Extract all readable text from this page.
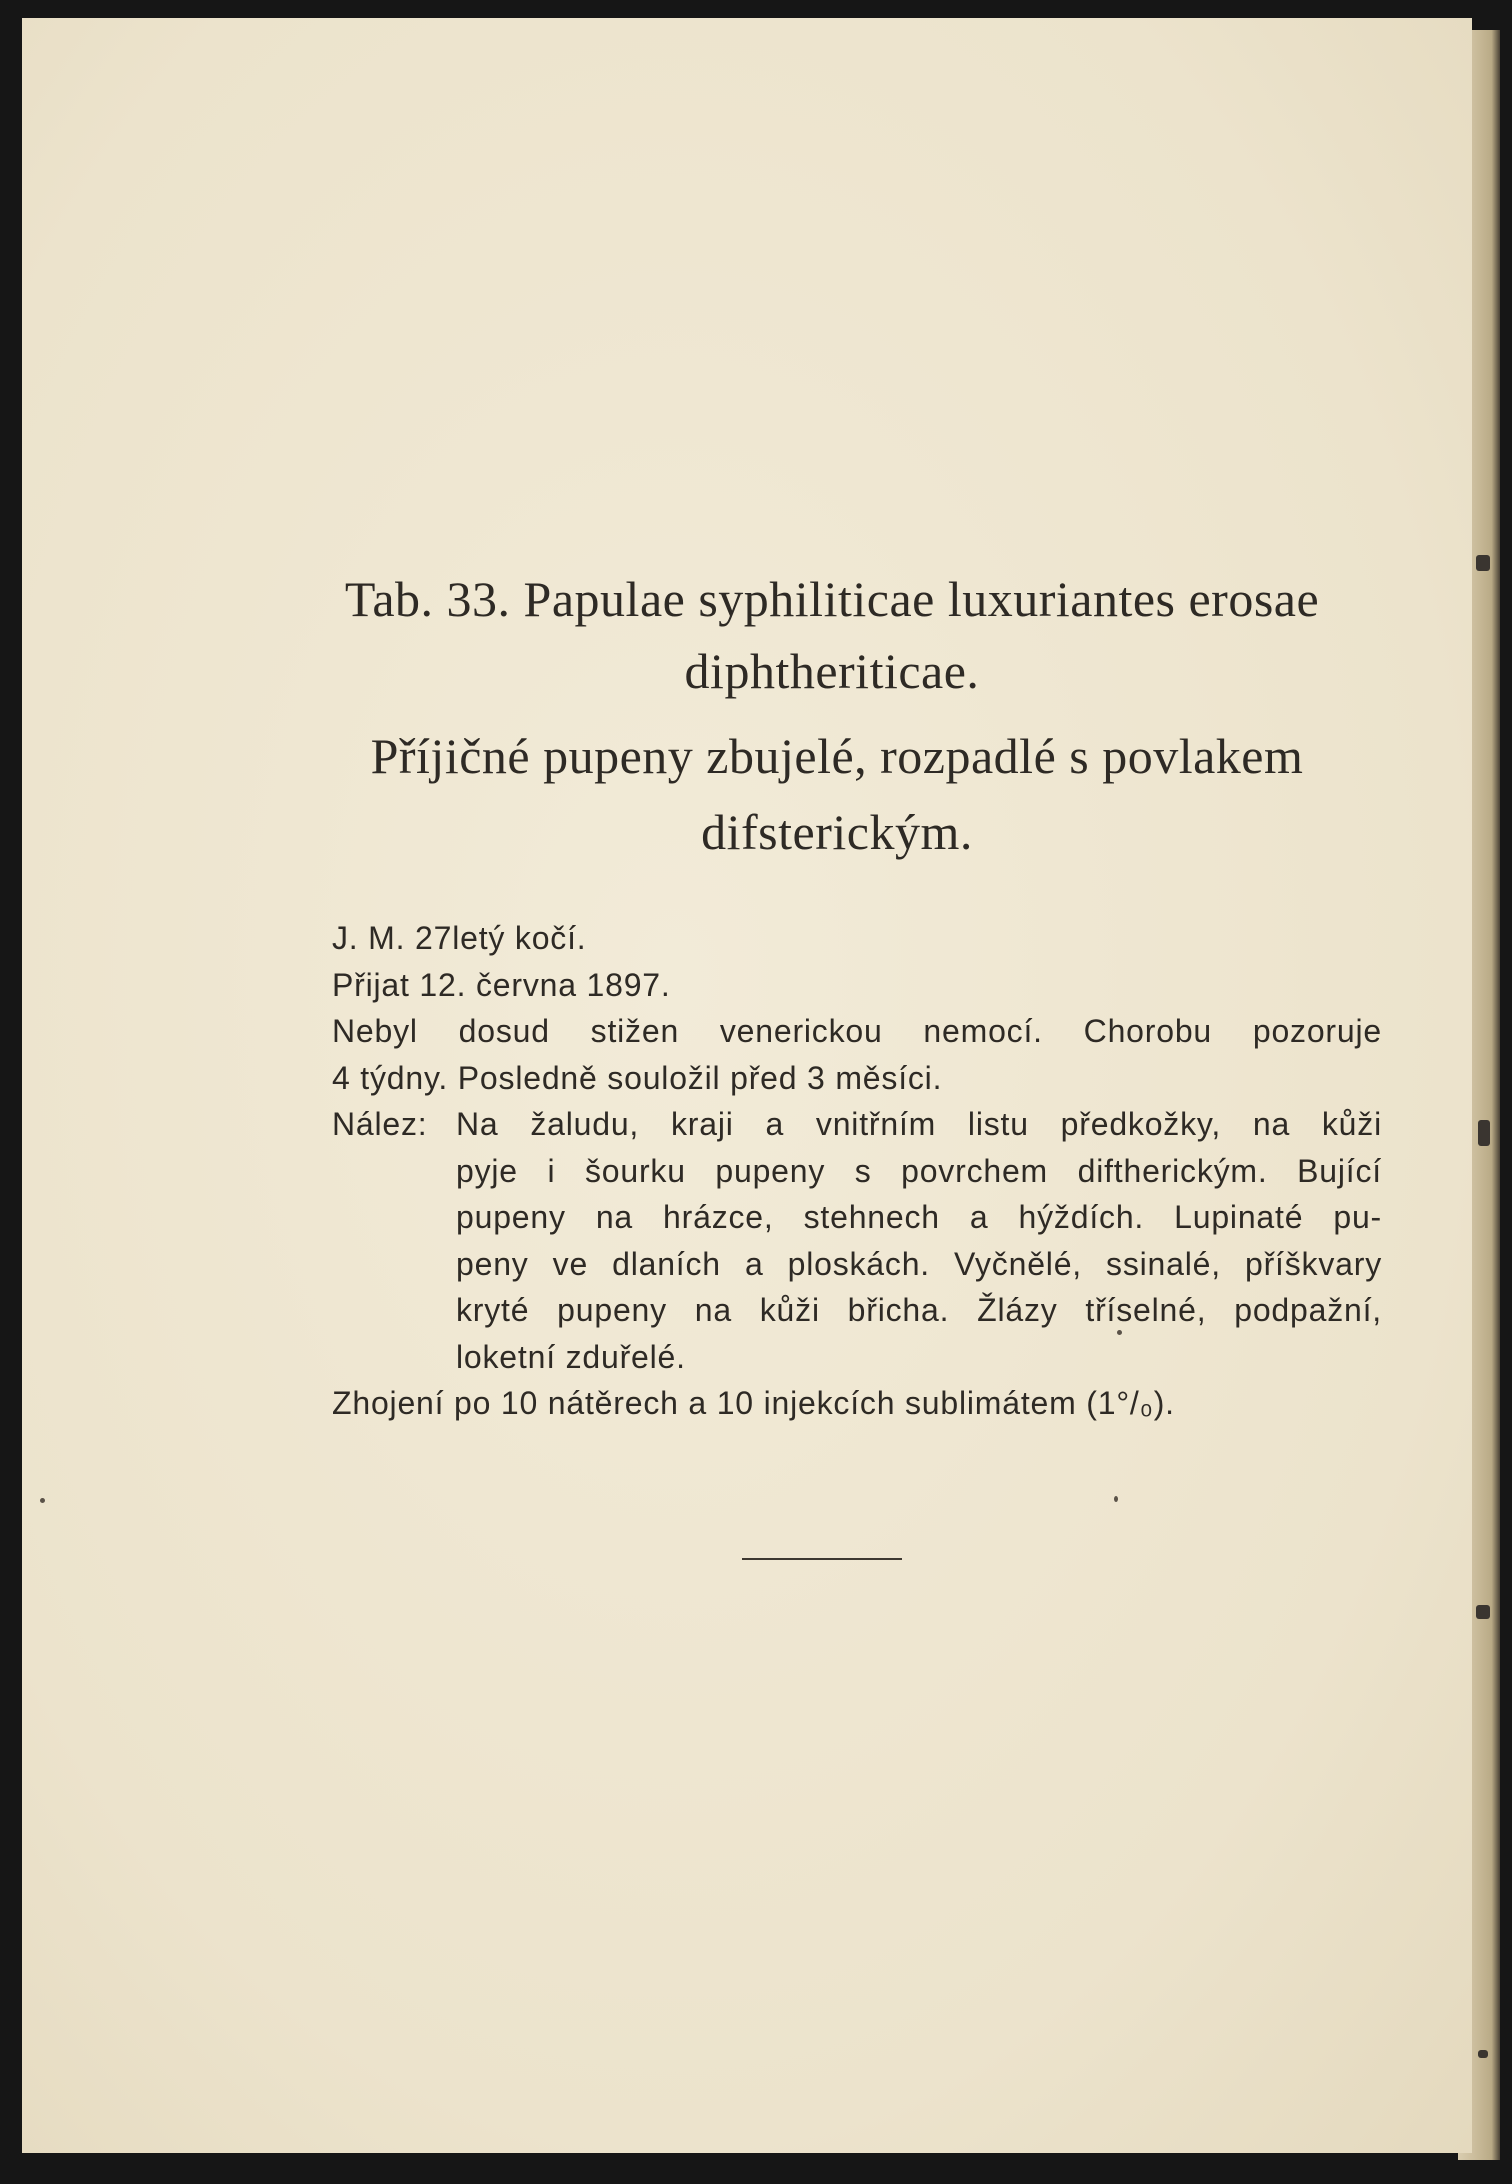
Tab. 33. Papulae syphiliticae luxuriantes erosae
diphtheriticae.
Příjičné pupeny zbujelé, rozpadlé s povlakem
difsterickým.
J. M. 27letý kočí.
Přijat 12. června 1897.
Nebyl dosud stižen venerickou nemocí. Chorobu pozoruje
4 týdny. Posledně souložil před 3 měsíci.
Nález: Na žaludu, kraji a vnitřním listu předkožky, na kůži
pyje i šourku pupeny s povrchem diftherickým. Bující
pupeny na hrázce, stehnech a hýždích. Lupinaté pu-
peny ve dlaních a ploskách. Vyčnělé, ssinalé, příškvary
kryté pupeny na kůži břicha. Žlázy tříselné, podpažní,
loketní zduřelé.
Zhojení po 10 nátěrech a 10 injekcích sublimátem (1°/₀).
